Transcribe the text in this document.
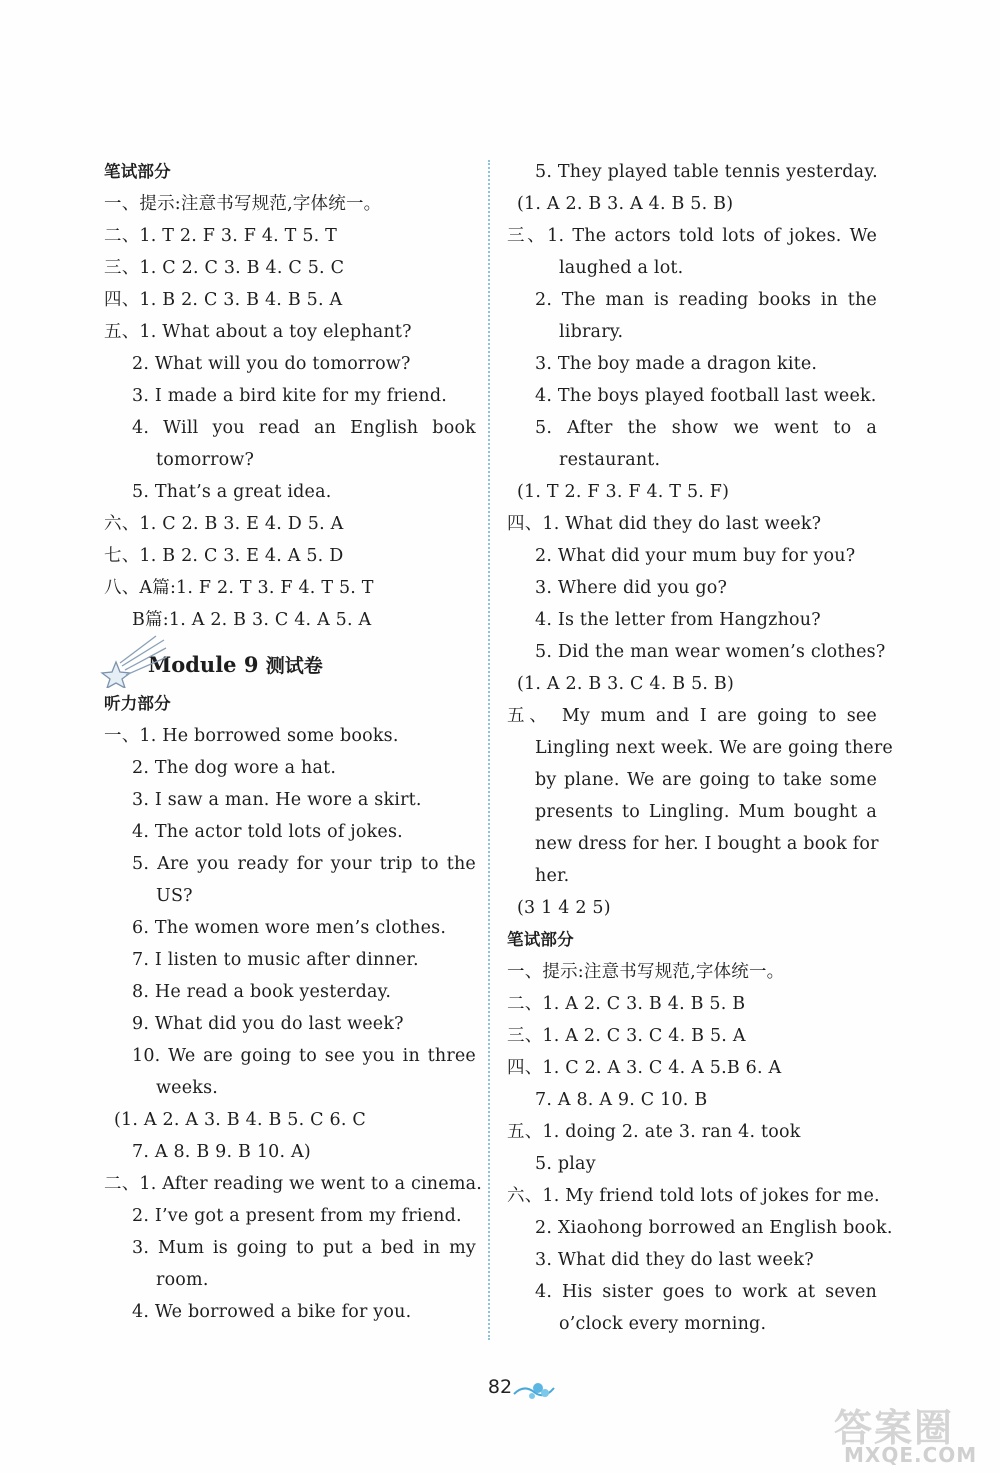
笔试部分
一、提示:注意书写规范,字体统一。
二、1. T 2. F 3. F 4. T 5. T
三、1. C 2. C 3. B 4. C 5. C
四、1. B 2. C 3. B 4. B 5. A
五、1. What about a toy elephant?
2. What will you do tomorrow?
3. I made a bird kite for my friend.
4. Will you read an English book
tomorrow?
5. That’s a great idea.
六、1. C 2. B 3. E 4. D 5. A
七、1. B 2. C 3. E 4. A 5. D
八、A篇:1. F 2. T 3. F 4. T 5. T
B篇:1. A 2. B 3. C 4. A 5. A
Module 9 测试卷
听力部分
一、1. He borrowed some books.
2. The dog wore a hat.
3. I saw a man. He wore a skirt.
4. The actor told lots of jokes.
5. Are you ready for your trip to the
US?
6. The women wore men’s clothes.
7. I listen to music after dinner.
8. He read a book yesterday.
9. What did you do last week?
10. We are going to see you in three
weeks.
(1. A 2. A 3. B 4. B 5. C 6. C
7. A 8. B 9. B 10. A)
二、1. After reading we went to a cinema.
2. I’ve got a present from my friend.
3. Mum is going to put a bed in my
room.
4. We borrowed a bike for you.
5. They played table tennis yesterday.
(1. A 2. B 3. A 4. B 5. B)
三、1. The actors told lots of jokes. We
laughed a lot.
2. The man is reading books in the
library.
3. The boy made a dragon kite.
4. The boys played football last week.
5. After the show we went to a
restaurant.
(1. T 2. F 3. F 4. T 5. F)
四、1. What did they do last week?
2. What did your mum buy for you?
3. Where did you go?
4. Is the letter from Hangzhou?
5. Did the man wear women’s clothes?
(1. A 2. B 3. C 4. B 5. B)
五、 My mum and I are going to see
Lingling next week. We are going there
by plane. We are going to take some
presents to Lingling. Mum bought a
new dress for her. I bought a book for
her.
(3 1 4 2 5)
笔试部分
一、提示:注意书写规范,字体统一。
二、1. A 2. C 3. B 4. B 5. B
三、1. A 2. C 3. C 4. B 5. A
四、1. C 2. A 3. C 4. A 5.B 6. A
7. A 8. A 9. C 10. B
五、1. doing 2. ate 3. ran 4. took
5. play
六、1. My friend told lots of jokes for me.
2. Xiaohong borrowed an English book.
3. What did they do last week?
4. His sister goes to work at seven
o’clock every morning.
82
答案圈
MXQE.COM
